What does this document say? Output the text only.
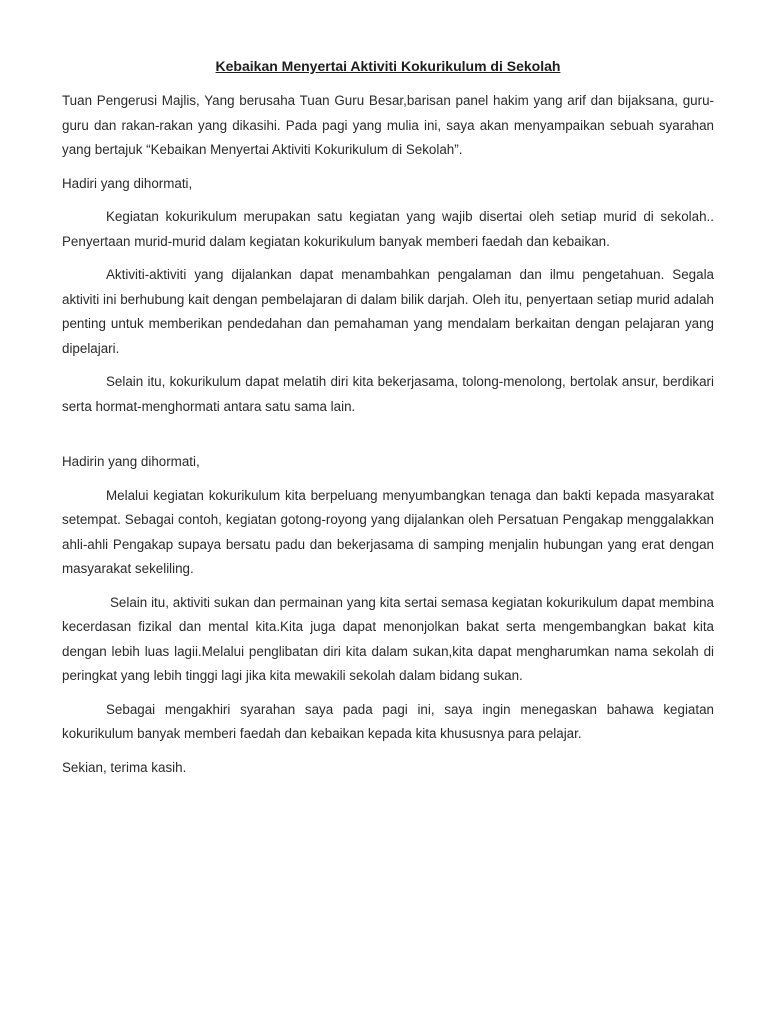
Kebaikan Menyertai Aktiviti Kokurikulum di Sekolah

Tuan Pengerusi Majlis, Yang berusaha Tuan Guru Besar,barisan panel hakim yang arif dan bijaksana, guru-guru dan rakan-rakan yang dikasihi. Pada pagi yang mulia ini, saya akan menyampaikan sebuah syarahan yang bertajuk “Kebaikan Menyertai Aktiviti Kokurikulum di Sekolah”.

Hadiri yang dihormati,

Kegiatan kokurikulum merupakan satu kegiatan yang wajib disertai oleh setiap murid di sekolah.. Penyertaan murid-murid dalam kegiatan kokurikulum banyak memberi faedah dan kebaikan.

Aktiviti-aktiviti yang dijalankan dapat menambahkan pengalaman dan ilmu pengetahuan. Segala aktiviti ini berhubung kait dengan pembelajaran di dalam bilik darjah. Oleh itu, penyertaan setiap murid adalah penting untuk memberikan pendedahan dan pemahaman yang mendalam berkaitan dengan pelajaran yang dipelajari.

Selain itu, kokurikulum dapat melatih diri kita bekerjasama, tolong-menolong, bertolak ansur, berdikari serta hormat-menghormati antara satu sama lain.

Hadirin yang dihormati,

Melalui kegiatan kokurikulum kita berpeluang menyumbangkan tenaga dan bakti kepada masyarakat setempat. Sebagai contoh, kegiatan gotong-royong yang dijalankan oleh Persatuan Pengakap menggalakkan ahli-ahli Pengakap supaya bersatu padu dan bekerjasama di samping menjalin hubungan yang erat dengan masyarakat sekeliling.

Selain itu, aktiviti sukan dan permainan yang kita sertai semasa kegiatan kokurikulum dapat membina kecerdasan fizikal dan mental kita.Kita juga dapat menonjolkan bakat serta mengembangkan bakat kita dengan lebih luas lagii.Melalui penglibatan diri kita dalam sukan,kita dapat mengharumkan nama sekolah di peringkat yang lebih tinggi lagi jika kita mewakili sekolah dalam bidang sukan.

Sebagai mengakhiri syarahan saya pada pagi ini, saya ingin menegaskan bahawa kegiatan kokurikulum banyak memberi faedah dan kebaikan kepada kita khususnya para pelajar.

Sekian, terima kasih.
